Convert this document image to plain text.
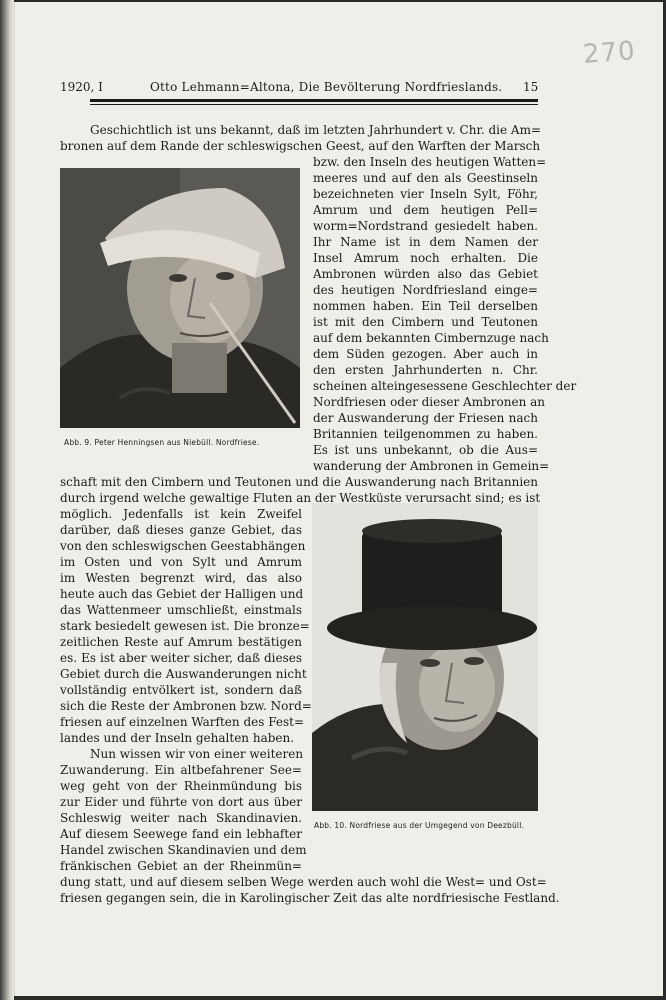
270
1920, I	Otto Lehmann=Altona, Die Bevölterung Nordfrieslands. 15
Abb. 9. Peter Henningsen aus Niebüll. Nordfriese.
Abb. 10. Nordfriese aus der Umgegend von Deezbüll.
Geschichtlich ist uns bekannt, daß im letzten Jahrhundert v. Chr. die Am=
bronen auf dem Rande der schleswigschen Geest, auf den Warften der Marsch
bzw. den Inseln des heutigen Watten=
meeres und auf den als Geestinseln
bezeichneten vier Inseln Sylt, Föhr,
Amrum und dem heutigen Pell=
worm=Nordstrand gesiedelt haben.
Ihr Name ist in dem Namen der
Insel Amrum noch erhalten. Die
Ambronen würden also das Gebiet
des heutigen Nordfriesland einge=
nommen haben. Ein Teil derselben
ist mit den Cimbern und Teutonen
auf dem bekannten Cimbernzuge nach
dem Süden gezogen. Aber auch in
den ersten Jahrhunderten n. Chr.
scheinen alteingesessene Geschlechter der
Nordfriesen oder dieser Ambronen an
der Auswanderung der Friesen nach
Britannien teilgenommen zu haben.
Es ist uns unbekannt, ob die Aus=
wanderung der Ambronen in Gemein=
schaft mit den Cimbern und Teutonen und die Auswanderung nach Britannien
durch irgend welche gewaltige Fluten an der Westküste verursacht sind; es ist
möglich. Jedenfalls ist kein Zweifel
darüber, daß dieses ganze Gebiet, das
von den schleswigschen Geestabhängen
im Osten und von Sylt und Amrum
im Westen begrenzt wird, das also
heute auch das Gebiet der Halligen und
das Wattenmeer umschließt, einstmals
stark besiedelt gewesen ist. Die bronze=
zeitlichen Reste auf Amrum bestätigen
es. Es ist aber weiter sicher, daß dieses
Gebiet durch die Auswanderungen nicht
vollständig entvölkert ist, sondern daß
sich die Reste der Ambronen bzw. Nord=
friesen auf einzelnen Warften des Fest=
landes und der Inseln gehalten haben.
Nun wissen wir von einer weiteren
Zuwanderung. Ein altbefahrener See=
weg geht von der Rheinmündung bis
zur Eider und führte von dort aus über
Schleswig weiter nach Skandinavien.
Auf diesem Seewege fand ein lebhafter
Handel zwischen Skandinavien und dem
fränkischen Gebiet an der Rheinmün=
dung statt, und auf diesem selben Wege werden auch wohl die West= und Ost=
friesen gegangen sein, die in Karolingischer Zeit das alte nordfriesische Festland.
